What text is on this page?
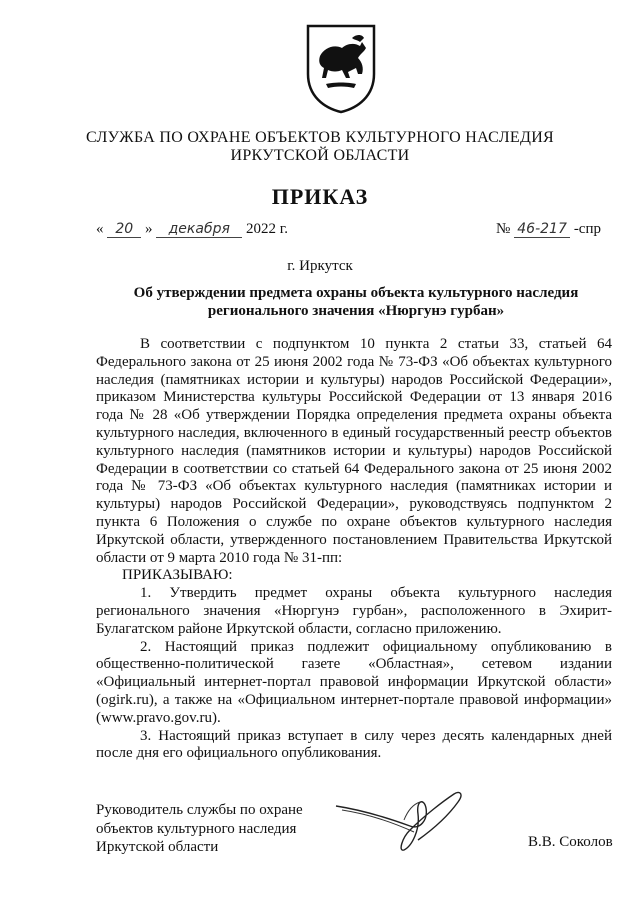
СЛУЖБА ПО ОХРАНЕ ОБЪЕКТОВ КУЛЬТУРНОГО НАСЛЕДИЯ
ИРКУТСКОЙ ОБЛАСТИ
ПРИКАЗ
« 20 » декабря 2022 г.	№ 46-217 -спр
г. Иркутск
Об утверждении предмета охраны объекта культурного наследия
регионального значения «Нюргунэ гурбан»

В соответствии с подпунктом 10 пункта 2 статьи 33, статьей 64 Федерального закона от 25 июня 2002 года № 73-ФЗ «Об объектах культурного наследия (памятниках истории и культуры) народов Российской Федерации», приказом Министерства культуры Российской Федерации от 13 января 2016 года № 28 «Об утверждении Порядка определения предмета охраны объекта культурного наследия, включенного в единый государственный реестр объектов культурного наследия (памятников истории и культуры) народов Российской Федерации в соответствии со статьей 64 Федерального закона от 25 июня 2002 года № 73-ФЗ «Об объектах культурного наследия (памятниках истории и культуры) народов Российской Федерации», руководствуясь подпунктом 2 пункта 6 Положения о службе по охране объектов культурного наследия Иркутской области, утвержденного постановлением Правительства Иркутской области от 9 марта 2010 года № 31-пп:

ПРИКАЗЫВАЮ:

1. Утвердить предмет охраны объекта культурного наследия регионального значения «Нюргунэ гурбан», расположенного в Эхирит-Булагатском районе Иркутской области, согласно приложению.

2. Настоящий приказ подлежит официальному опубликованию в общественно-политической газете «Областная», сетевом издании «Официальный интернет-портал правовой информации Иркутской области» (ogirk.ru), а также на «Официальном интернет-портале правовой информации» (www.pravo.gov.ru).

3. Настоящий приказ вступает в силу через десять календарных дней после дня его официального опубликования.

Руководитель службы по охране
объектов культурного наследия
Иркутской области	В.В. Соколов
